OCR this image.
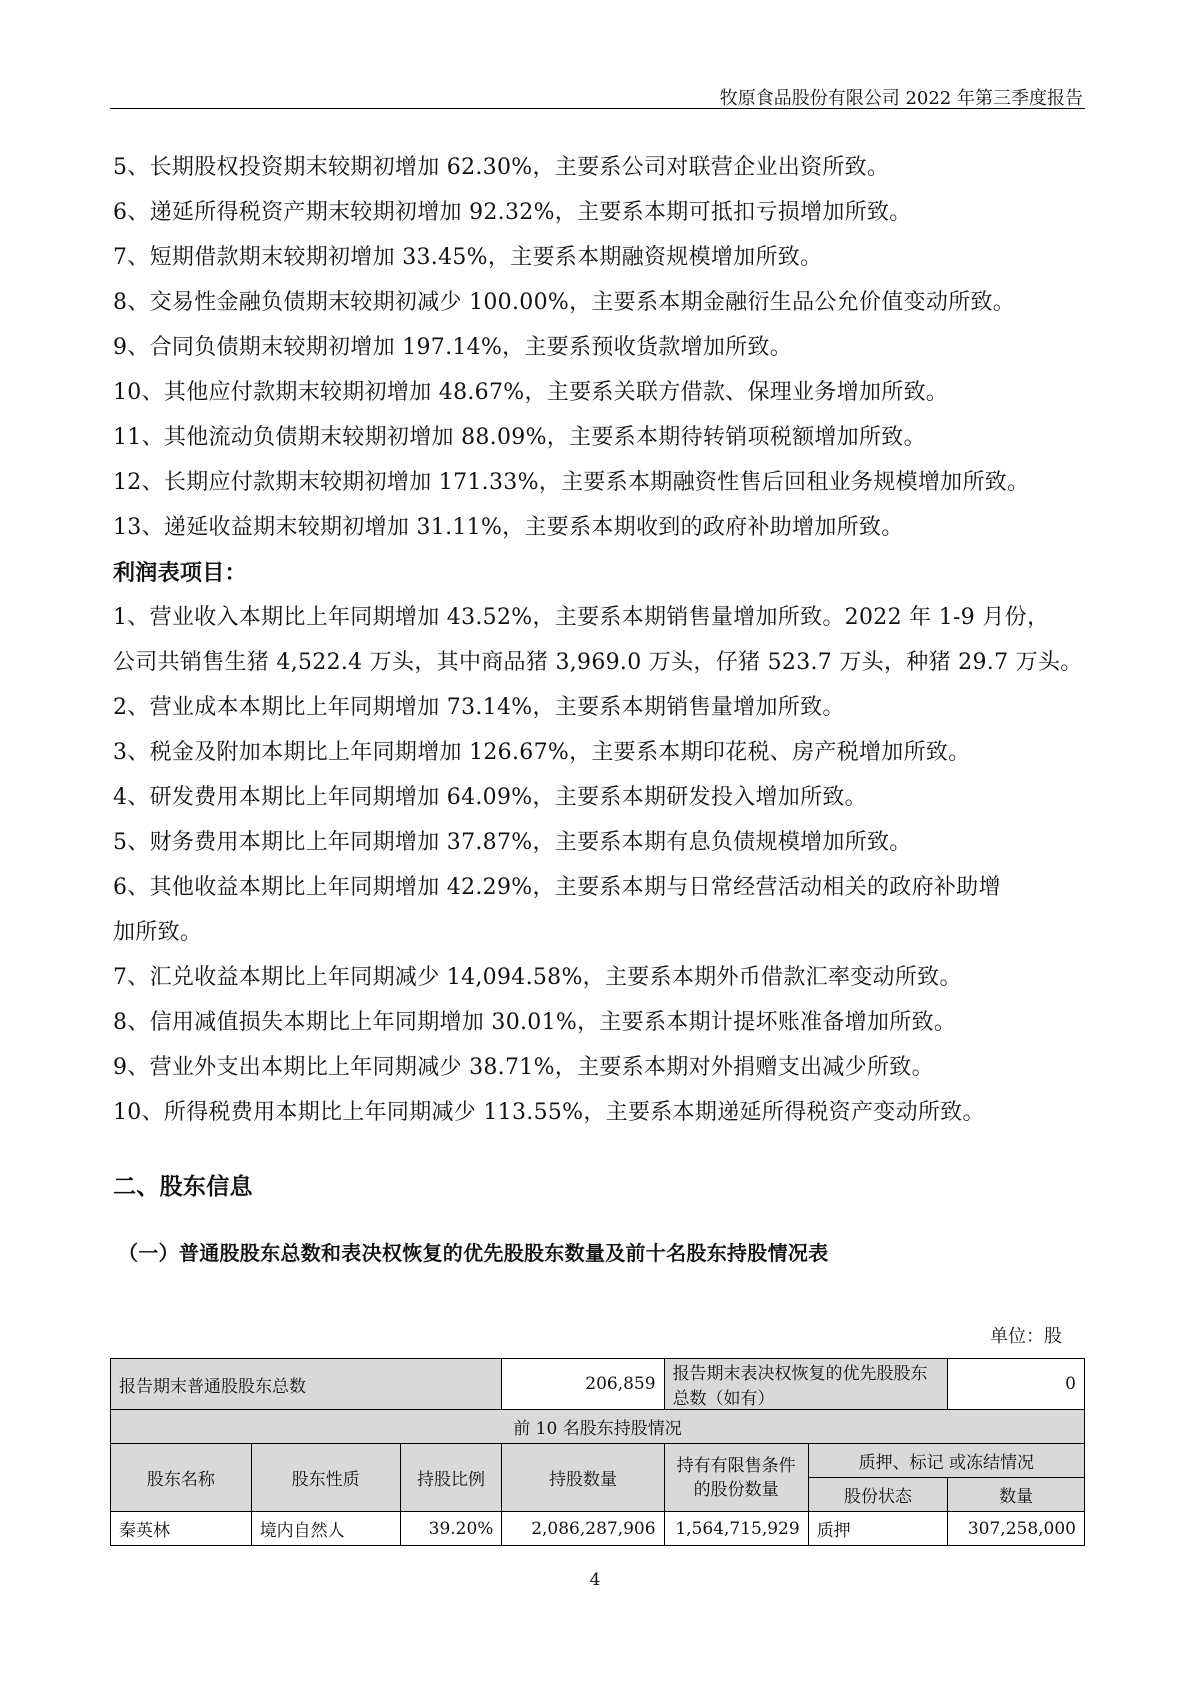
牧原食品股份有限公司 2022 年第三季度报告
5、长期股权投资期末较期初增加 62.30%，主要系公司对联营企业出资所致。
6、递延所得税资产期末较期初增加 92.32%，主要系本期可抵扣亏损增加所致。
7、短期借款期末较期初增加 33.45%，主要系本期融资规模增加所致。
8、交易性金融负债期末较期初减少 100.00%，主要系本期金融衍生品公允价值变动所致。
9、合同负债期末较期初增加 197.14%，主要系预收货款增加所致。
10、其他应付款期末较期初增加 48.67%，主要系关联方借款、保理业务增加所致。
11、其他流动负债期末较期初增加 88.09%，主要系本期待转销项税额增加所致。
12、长期应付款期末较期初增加 171.33%，主要系本期融资性售后回租业务规模增加所致。
13、递延收益期末较期初增加 31.11%，主要系本期收到的政府补助增加所致。
利润表项目：
1、营业收入本期比上年同期增加 43.52%，主要系本期销售量增加所致。2022 年 1-9 月份，
公司共销售生猪 4,522.4 万头，其中商品猪 3,969.0 万头，仔猪 523.7 万头，种猪 29.7 万头。
2、营业成本本期比上年同期增加 73.14%，主要系本期销售量增加所致。
3、税金及附加本期比上年同期增加 126.67%，主要系本期印花税、房产税增加所致。
4、研发费用本期比上年同期增加 64.09%，主要系本期研发投入增加所致。
5、财务费用本期比上年同期增加 37.87%，主要系本期有息负债规模增加所致。
6、其他收益本期比上年同期增加 42.29%，主要系本期与日常经营活动相关的政府补助增
加所致。
7、汇兑收益本期比上年同期减少 14,094.58%，主要系本期外币借款汇率变动所致。
8、信用减值损失本期比上年同期增加 30.01%，主要系本期计提坏账准备增加所致。
9、营业外支出本期比上年同期减少 38.71%，主要系本期对外捐赠支出减少所致。
10、所得税费用本期比上年同期减少 113.55%，主要系本期递延所得税资产变动所致。
二、股东信息
（一）普通股股东总数和表决权恢复的优先股股东数量及前十名股东持股情况表
单位：股
报告期末普通股股东总数			206,859	报告期末表决权恢复的优先股股东总数（如有）		0
前 10 名股东持股情况						
股东名称	股东性质	持股比例	持股数量	持有有限售条件的股份数量	质押、标记 或冻结情况	
					股份状态	数量
秦英林	境内自然人	39.20%	2,086,287,906	1,564,715,929	质押	307,258,000
4
